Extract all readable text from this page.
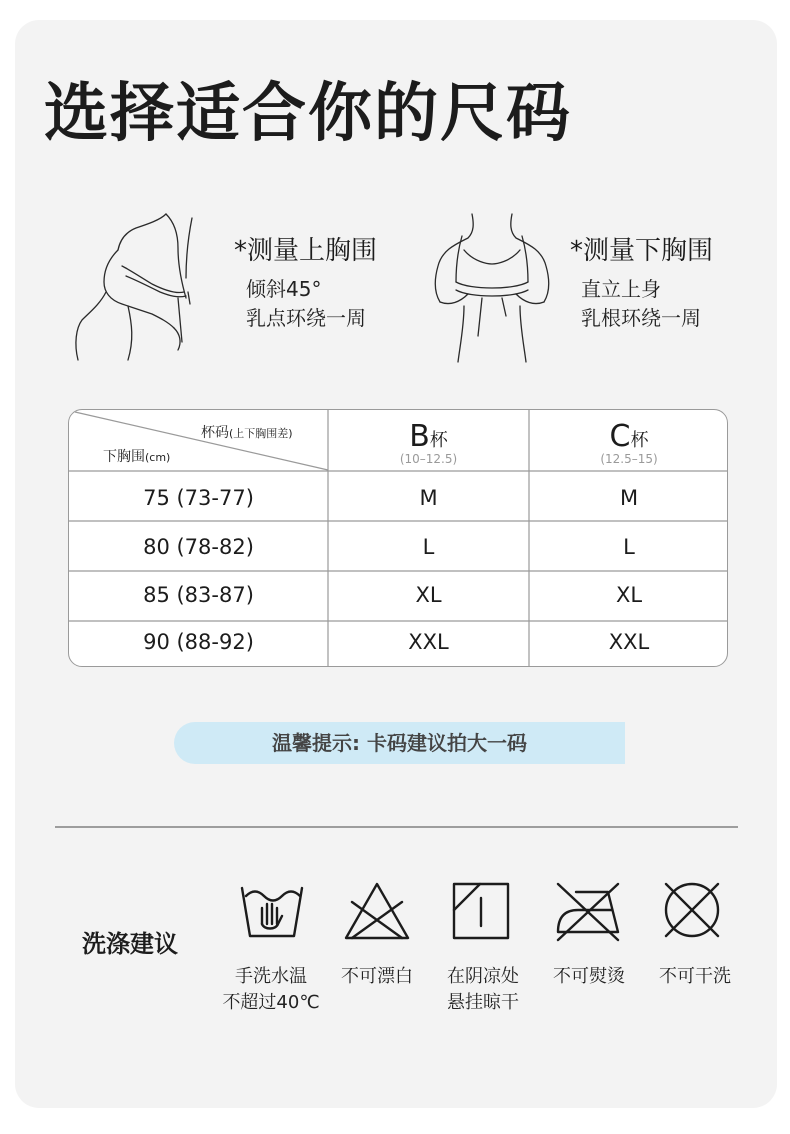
选择适合你的尺码
*测量上胸围
倾斜45°
乳点环绕一周
*测量下胸围
直立上身
乳根环绕一周
杯码(上下胸围差)
下胸围(cm)
B杯
(10–12.5)
C杯
(12.5–15)
75 (73-77)	M	M
80 (78-82)	L	L
85 (83-87)	XL	XL
90 (88-92)	XXL	XXL
温馨提示: 卡码建议拍大一码
洗涤建议
手洗水温
不超过40℃
不可漂白	在阴凉处
悬挂晾干
不可熨烫	不可干洗
